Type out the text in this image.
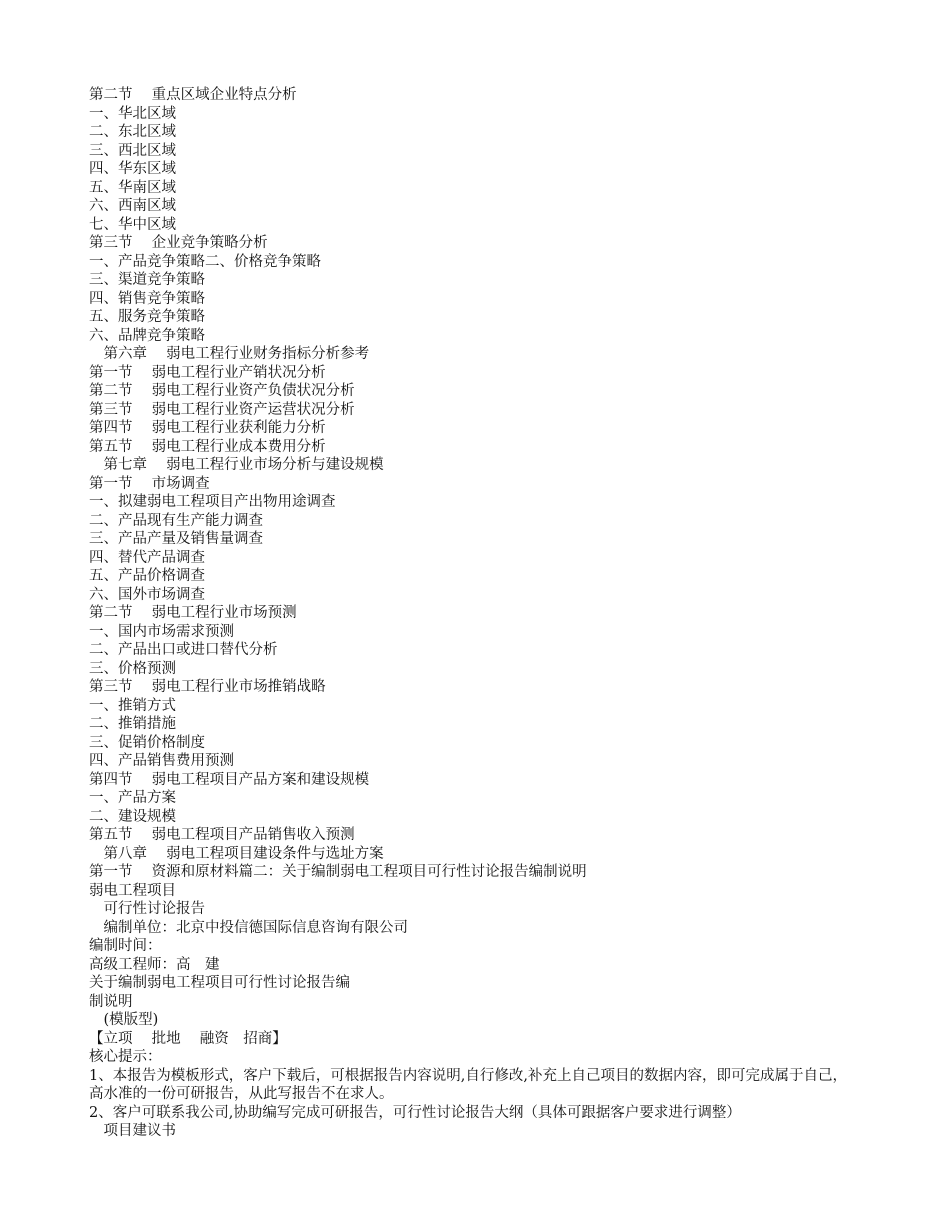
第二节　 重点区域企业特点分析
一、华北区域
二、东北区域
三、西北区域
四、华东区域
五、华南区域
六、西南区域
七、华中区域
第三节　 企业竞争策略分析
一、产品竞争策略二、价格竞争策略
三、渠道竞争策略
四、销售竞争策略
五、服务竞争策略
六、品牌竞争策略
　第六章　 弱电工程行业财务指标分析参考
第一节　 弱电工程行业产销状况分析
第二节　 弱电工程行业资产负债状况分析
第三节　 弱电工程行业资产运营状况分析
第四节　 弱电工程行业获利能力分析
第五节　 弱电工程行业成本费用分析
　第七章　 弱电工程行业市场分析与建设规模
第一节　 市场调查
一、拟建弱电工程项目产出物用途调查
二、产品现有生产能力调查
三、产品产量及销售量调查
四、替代产品调查
五、产品价格调查
六、国外市场调查
第二节　 弱电工程行业市场预测
一、国内市场需求预测
二、产品出口或进口替代分析
三、价格预测
第三节　 弱电工程行业市场推销战略
一、推销方式
二、推销措施
三、促销价格制度
四、产品销售费用预测
第四节　 弱电工程项目产品方案和建设规模
一、产品方案
二、建设规模
第五节　 弱电工程项目产品销售收入预测
　第八章　 弱电工程项目建设条件与选址方案
第一节　 资源和原材料篇二：关于编制弱电工程项目可行性讨论报告编制说明
弱电工程项目
　可行性讨论报告
　编制单位：北京中投信德国际信息咨询有限公司
编制时间：
高级工程师：高　建
关于编制弱电工程项目可行性讨论报告编
制说明
　(模版型)
【立项　 批地　 融资　招商】
核心提示：
1、本报告为模板形式，客户下载后，可根据报告内容说明,自行修改,补充上自己项目的数据内容，即可完成属于自己，高水准的一份可研报告，从此写报告不在求人。
2、客户可联系我公司,协助编写完成可研报告，可行性讨论报告大纲（具体可跟据客户要求进行调整）
　项目建议书
